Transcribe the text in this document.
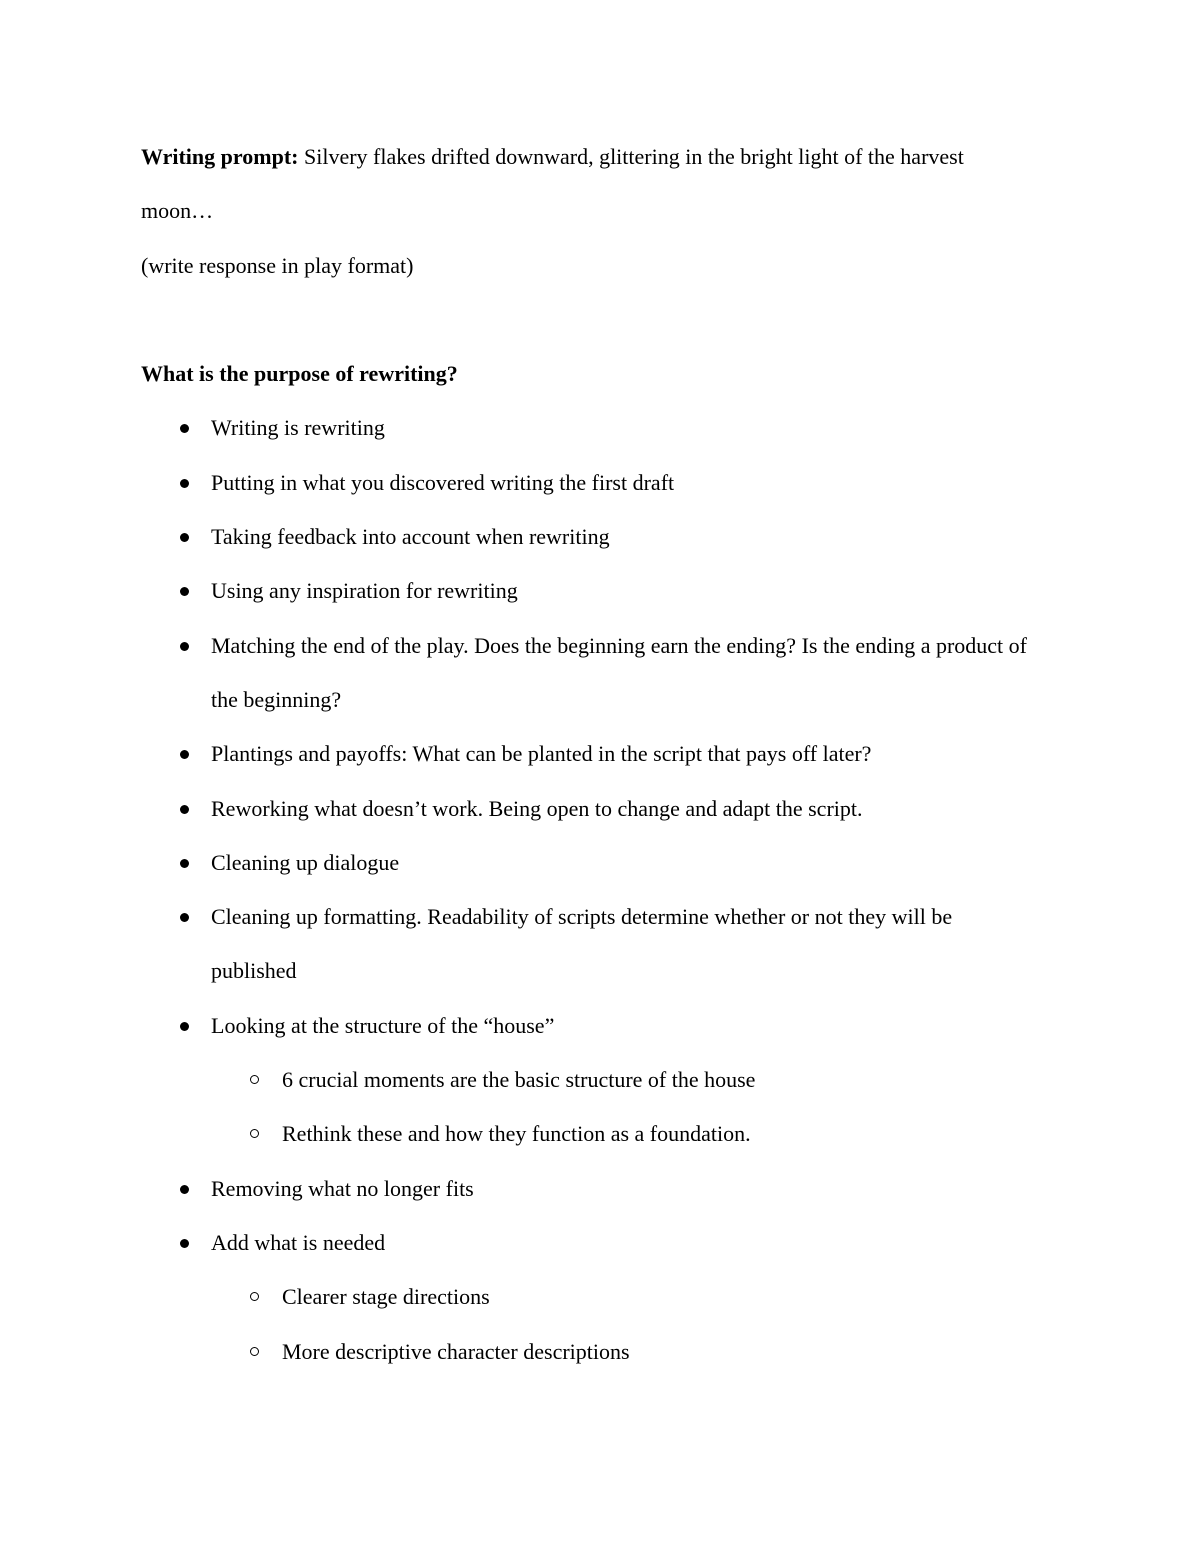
Writing prompt: Silvery flakes drifted downward, glittering in the bright light of the harvest moon…

(write response in play format)

What is the purpose of rewriting?

Writing is rewriting
Putting in what you discovered writing the first draft
Taking feedback into account when rewriting
Using any inspiration for rewriting
Matching the end of the play. Does the beginning earn the ending? Is the ending a product of the beginning?
Plantings and payoffs: What can be planted in the script that pays off later?
Reworking what doesn’t work. Being open to change and adapt the script.
Cleaning up dialogue
Cleaning up formatting. Readability of scripts determine whether or not they will be published
Looking at the structure of the “house”
6 crucial moments are the basic structure of the house
Rethink these and how they function as a foundation.
Removing what no longer fits
Add what is needed
Clearer stage directions
More descriptive character descriptions
